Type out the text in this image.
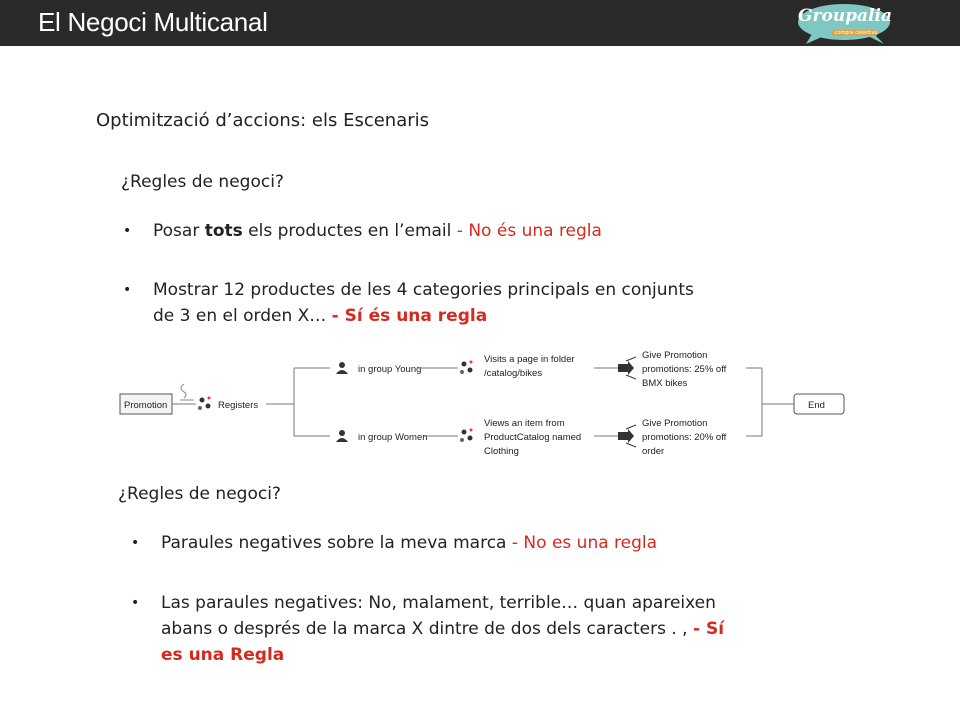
El Negoci Multicanal	Groupalia
compra colectiva
Optimització d’accions: els Escenaris
¿Regles de negoci?
• Posar tots els productes en l’email - No és una regla
• Mostrar 12 productes de les 4 categories principals en conjunts
de 3 en el orden X… - Sí és una regla
Promotion	Registers
in group Young
Visits a page in folder
/catalog/bikes
Give Promotion
promotions: 25% off
BMX bikes
in group Women
Views an item from
ProductCatalog named
Clothing
Give Promotion
promotions: 20% off
order
End
¿Regles de negoci?
• Paraules negatives sobre la meva marca - No es una regla
• Las paraules negatives: No, malament, terrible… quan apareixen
abans o després de la marca X dintre de dos dels caracters . , - Sí
es una Regla
